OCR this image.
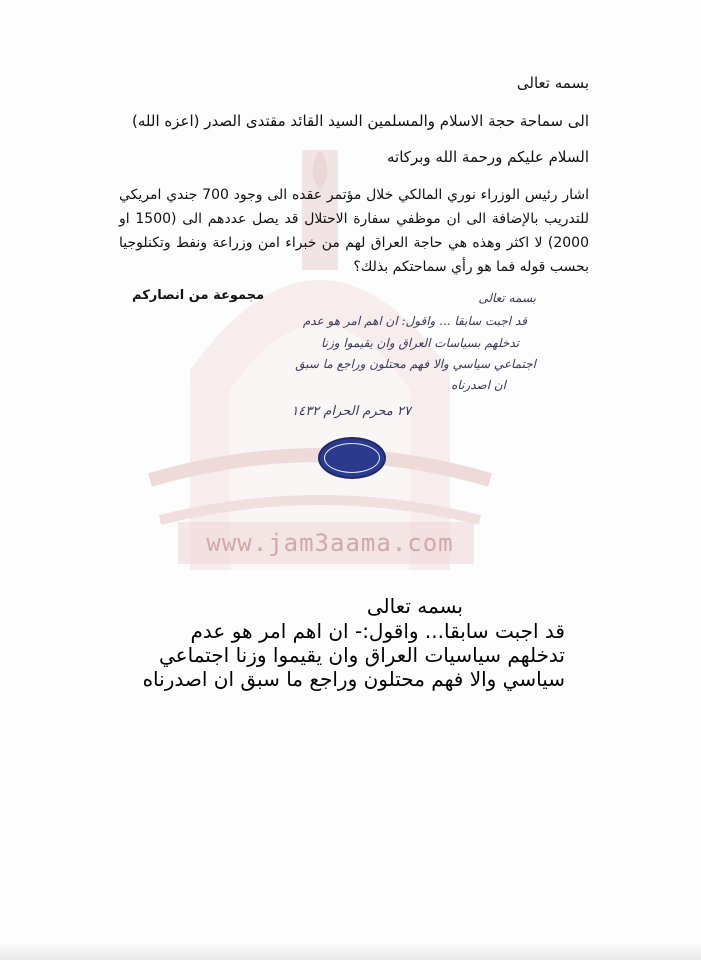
www.jam3aama.com
بسمه تعالى
الى سماحة حجة الاسلام والمسلمين السيد القائد مقتدى الصدر (اعزه الله)
السلام عليكم ورحمة الله وبركاته
اشار رئيس الوزراء نوري المالكي خلال مؤتمر عقده الى وجود 700 جندي امريكي للتدريب بالإضافة الى ان موظفي سفارة الاحتلال قد يصل عددهم الى (1500 او 2000) لا اكثر وهذه هي حاجة العراق لهم من خبراء امن وزراعة ونفط وتكنلوجيا بحسب قوله فما هو رأي سماحتكم بذلك؟
مجموعة من انصاركم	بسمه تعالى
قد اجبت سابقا ... واقول: ان اهم امر هو عدم
تدخلهم بسياسات العراق وان يقيموا وزنا
اجتماعي سياسي والا فهم محتلون وراجع ما سبق
ان اصدرناه
٢٧ محرم الحرام ١٤٣٢
بسمه تعالى
قد اجبت سابقا... واقول:- ان اهم امر هو عدم
تدخلهم سياسيات العراق وان يقيموا وزنا اجتماعي
سياسي والا فهم محتلون وراجع ما سبق ان اصدرناه
